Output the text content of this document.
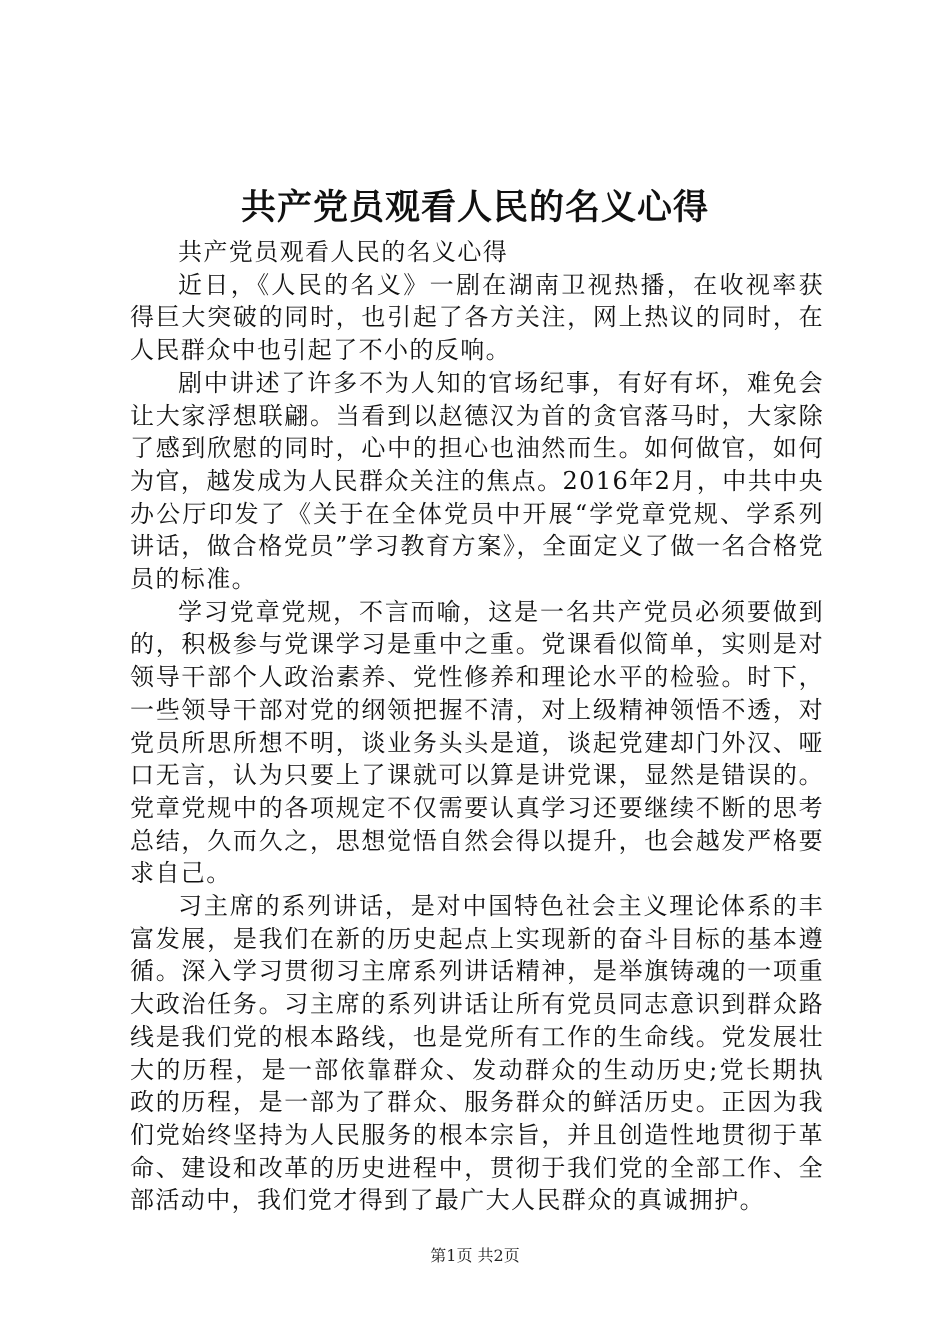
共产党员观看人民的名义心得

共产党员观看人民的名义心得

近日，《人民的名义》一剧在湖南卫视热播，在收视率获得巨大突破的同时，也引起了各方关注，网上热议的同时，在人民群众中也引起了不小的反响。

剧中讲述了许多不为人知的官场纪事，有好有坏，难免会让大家浮想联翩。当看到以赵德汉为首的贪官落马时，大家除了感到欣慰的同时，心中的担心也油然而生。如何做官，如何为官，越发成为人民群众关注的焦点。2016年2月，中共中央办公厅印发了《关于在全体党员中开展“学党章党规、学系列讲话，做合格党员”学习教育方案》，全面定义了做一名合格党员的标准。

学习党章党规，不言而喻，这是一名共产党员必须要做到的，积极参与党课学习是重中之重。党课看似简单，实则是对领导干部个人政治素养、党性修养和理论水平的检验。时下，一些领导干部对党的纲领把握不清，对上级精神领悟不透，对党员所思所想不明，谈业务头头是道，谈起党建却门外汉、哑口无言，认为只要上了课就可以算是讲党课，显然是错误的。党章党规中的各项规定不仅需要认真学习还要继续不断的思考总结，久而久之，思想觉悟自然会得以提升，也会越发严格要求自己。

习主席的系列讲话，是对中国特色社会主义理论体系的丰富发展，是我们在新的历史起点上实现新的奋斗目标的基本遵循。深入学习贯彻习主席系列讲话精神，是举旗铸魂的一项重大政治任务。习主席的系列讲话让所有党员同志意识到群众路线是我们党的根本路线，也是党所有工作的生命线。党发展壮大的历程，是一部依靠群众、发动群众的生动历史;党长期执政的历程，是一部为了群众、服务群众的鲜活历史。正因为我们党始终坚持为人民服务的根本宗旨，并且创造性地贯彻于革命、建设和改革的历史进程中，贯彻于我们党的全部工作、全部活动中，我们党才得到了最广大人民群众的真诚拥护。

第1页 共2页
